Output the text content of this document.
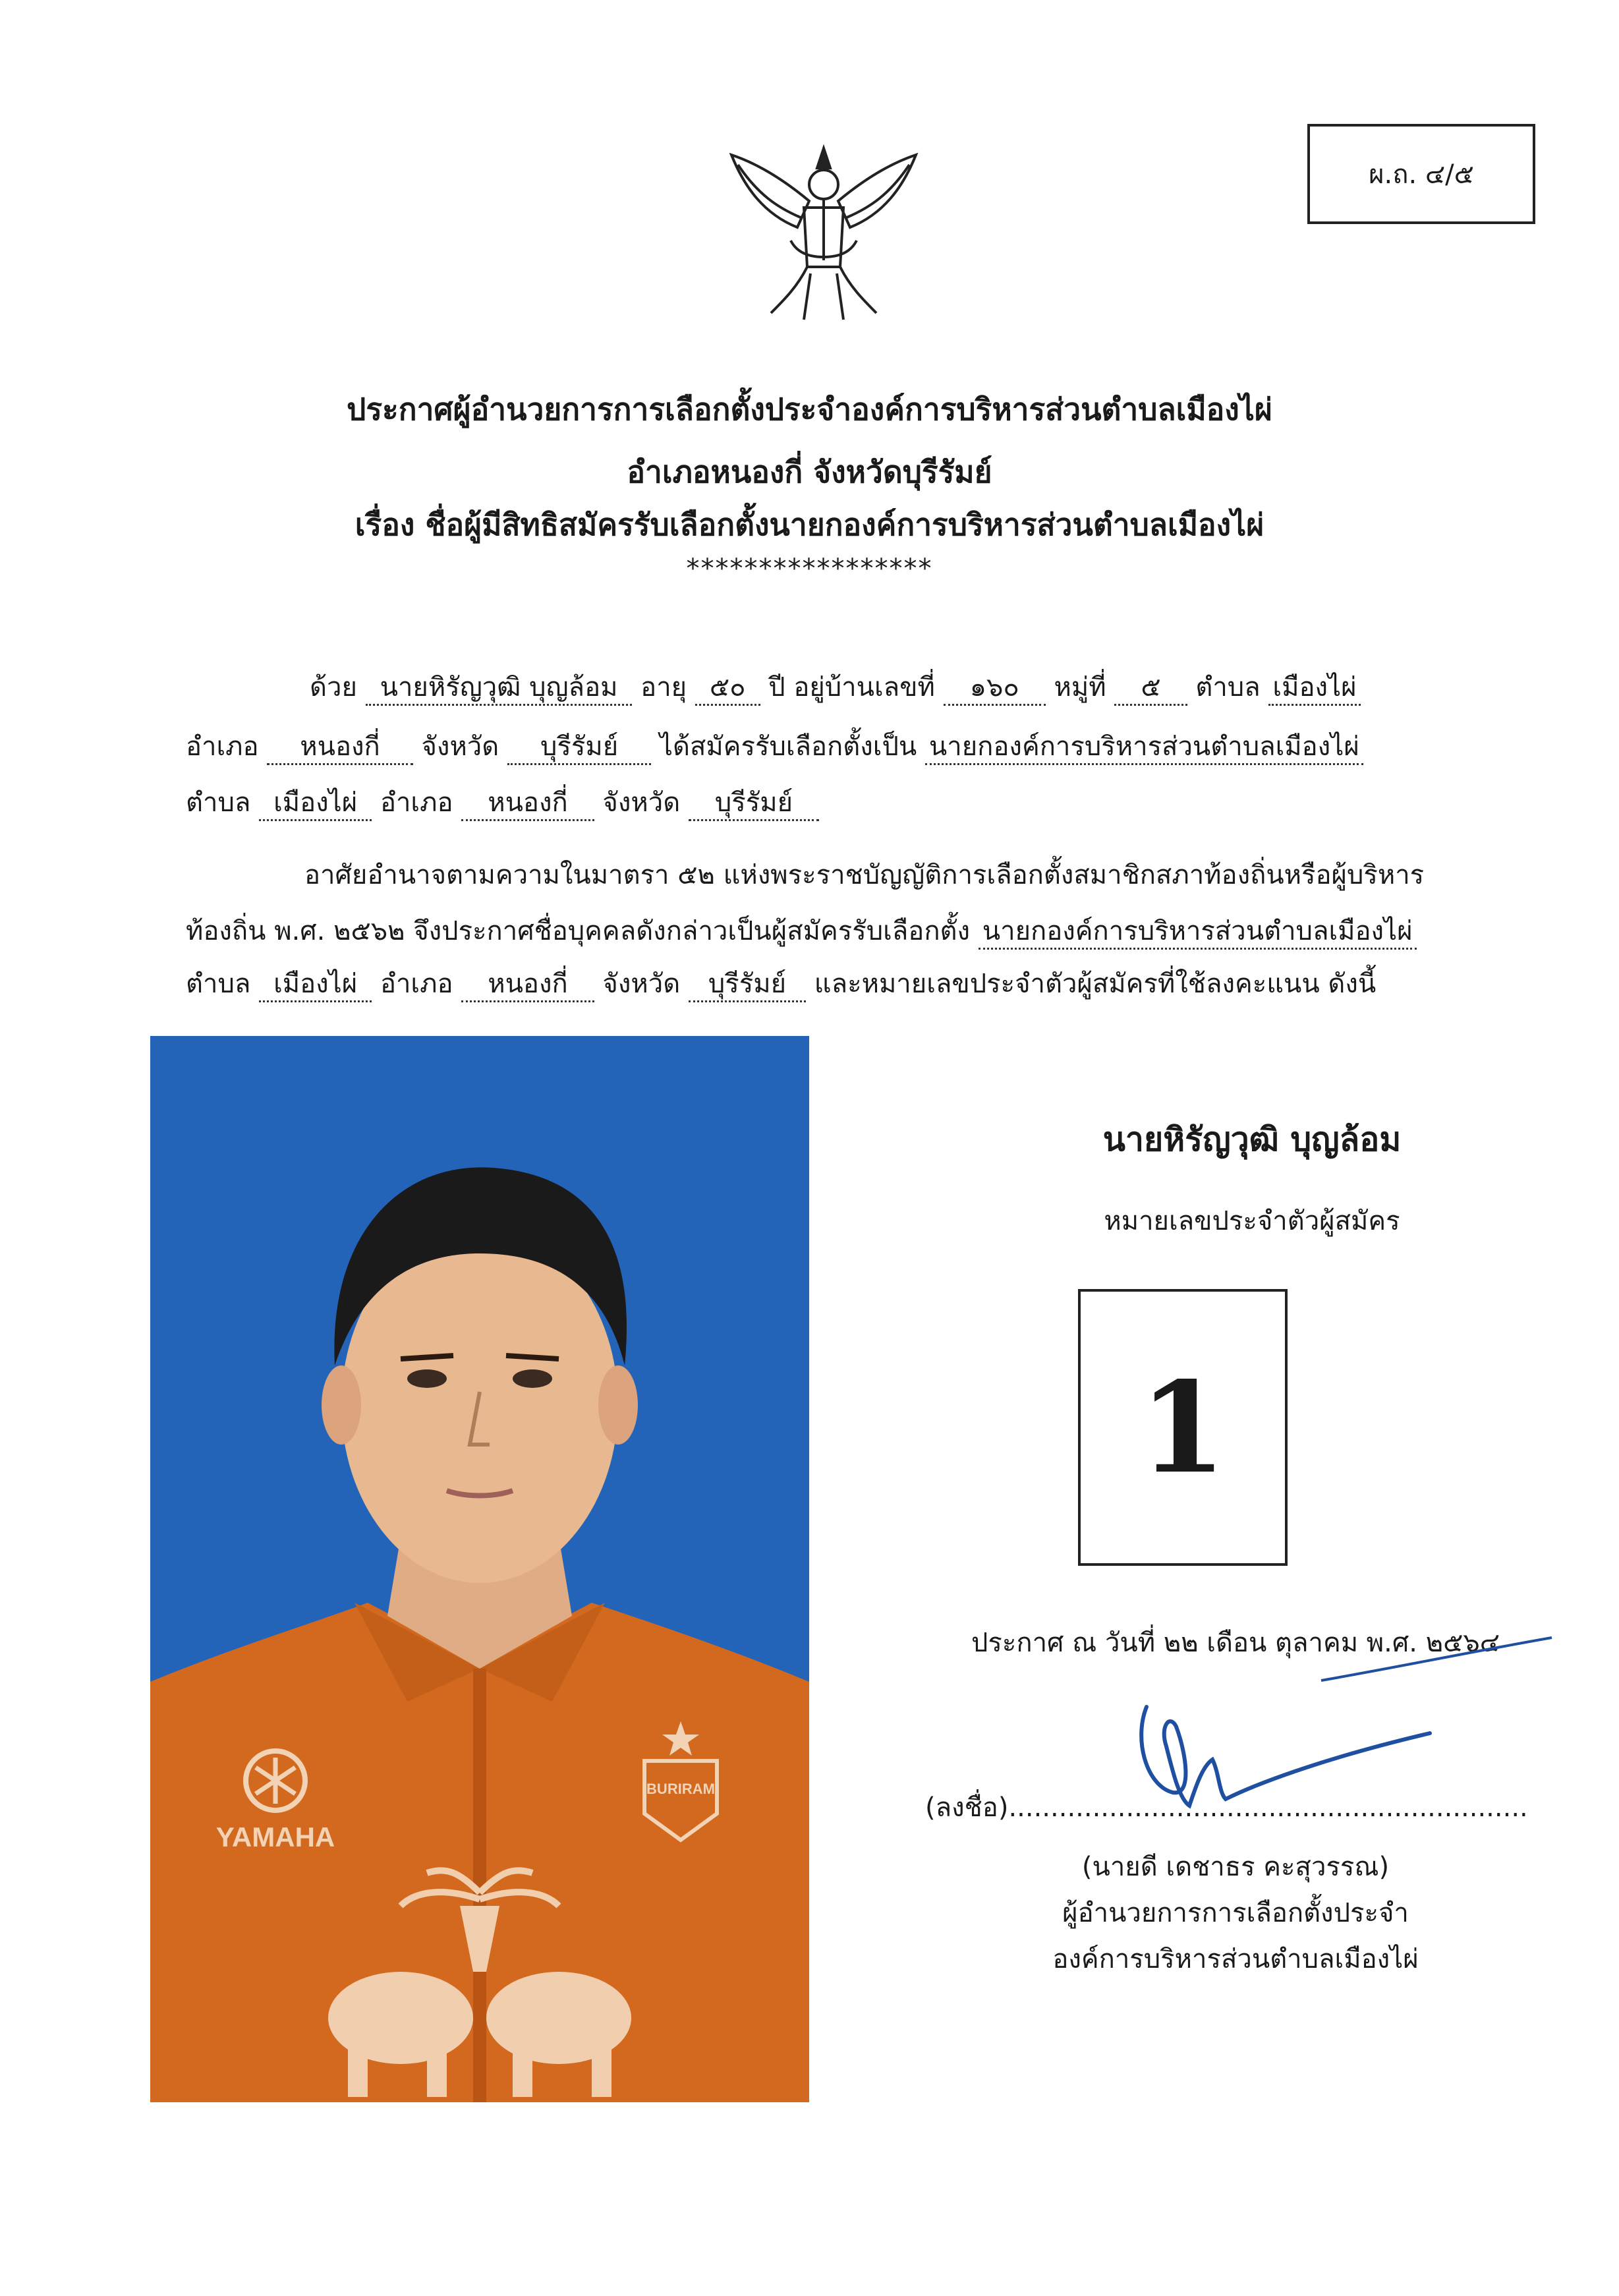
ผ.ถ. ๔/๕
ประกาศผู้อำนวยการการเลือกตั้งประจำองค์การบริหารส่วนตำบลเมืองไผ่
อำเภอหนองกี่ จังหวัดบุรีรัมย์
เรื่อง ชื่อผู้มีสิทธิสมัครรับเลือกตั้งนายกองค์การบริหารส่วนตำบลเมืองไผ่
*****************
ด้วย นายหิรัญวุฒิ บุญล้อม อายุ ๕๐ ปี อยู่บ้านเลขที่ ๑๖๐ หมู่ที่ ๕ ตำบล เมืองไผ่
อำเภอ หนองกี่ จังหวัด บุรีรัมย์ ได้สมัครรับเลือกตั้งเป็น นายกองค์การบริหารส่วนตำบลเมืองไผ่
ตำบล เมืองไผ่ อำเภอ หนองกี่ จังหวัด บุรีรัมย์
อาศัยอำนาจตามความในมาตรา ๕๒ แห่งพระราชบัญญัติการเลือกตั้งสมาชิกสภาท้องถิ่นหรือผู้บริหาร
ท้องถิ่น พ.ศ. ๒๕๖๒ จึงประกาศชื่อบุคคลดังกล่าวเป็นผู้สมัครรับเลือกตั้ง นายกองค์การบริหารส่วนตำบลเมืองไผ่
ตำบล เมืองไผ่ อำเภอ หนองกี่ จังหวัด บุรีรัมย์ และหมายเลขประจำตัวผู้สมัครที่ใช้ลงคะแนน ดังนี้
YAMAHA
BURIRAM
นายหิรัญวุฒิ บุญล้อม
หมายเลขประจำตัวผู้สมัคร
1
ประกาศ ณ วันที่ ๒๒ เดือน ตุลาคม พ.ศ. ๒๕๖๔
(ลงชื่อ)..............................................................
(นายดี เดชาธร คะสุวรรณ)
ผู้อำนวยการการเลือกตั้งประจำ
องค์การบริหารส่วนตำบลเมืองไผ่
